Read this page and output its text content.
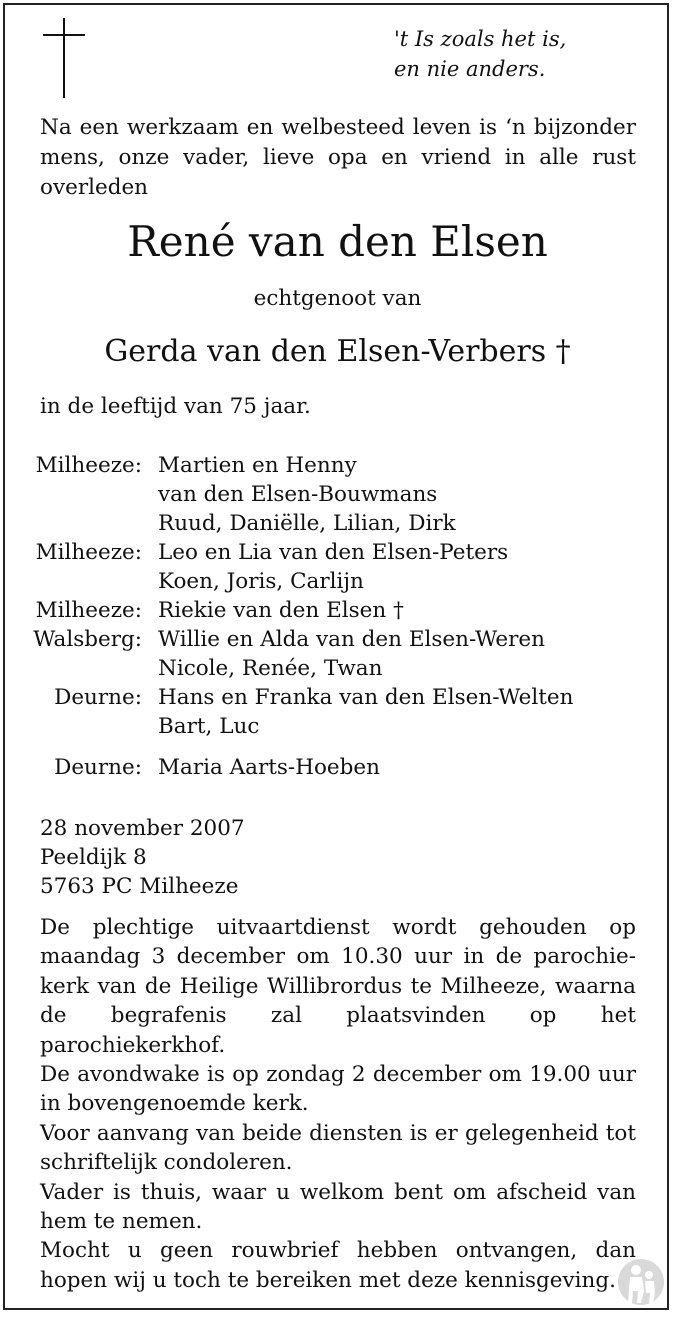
't Is zoals het is,
en nie anders.
Na een werkzaam en welbesteed leven is ‘n bijzonder mens, onze vader, lieve opa en vriend in alle rust overleden
René van den Elsen
echtgenoot van
Gerda van den Elsen-Verbers †
in de leeftijd van 75 jaar.
Milheeze: Martien en Henny
van den Elsen-Bouwmans
Ruud, Daniëlle, Lilian, Dirk
Milheeze: Leo en Lia van den Elsen-Peters
Koen, Joris, Carlijn
Milheeze: Riekie van den Elsen †
Walsberg: Willie en Alda van den Elsen-Weren
Nicole, Renée, Twan
Deurne: Hans en Franka van den Elsen-Welten
Bart, Luc
Deurne: Maria Aarts-Hoeben
28 november 2007
Peeldijk 8
5763 PC Milheeze
De plechtige uitvaartdienst wordt gehouden op maandag 3 december om 10.30 uur in de parochie-kerk van de Heilige Willibrordus te Milheeze, waarna de begrafenis zal plaatsvinden op het parochiekerkhof.
De avondwake is op zondag 2 december om 19.00 uur in bovengenoemde kerk.
Voor aanvang van beide diensten is er gelegenheid tot schriftelijk condoleren.
Vader is thuis, waar u welkom bent om afscheid van hem te nemen.
Mocht u geen rouwbrief hebben ontvangen, dan hopen wij u toch te bereiken met deze kennisgeving.
